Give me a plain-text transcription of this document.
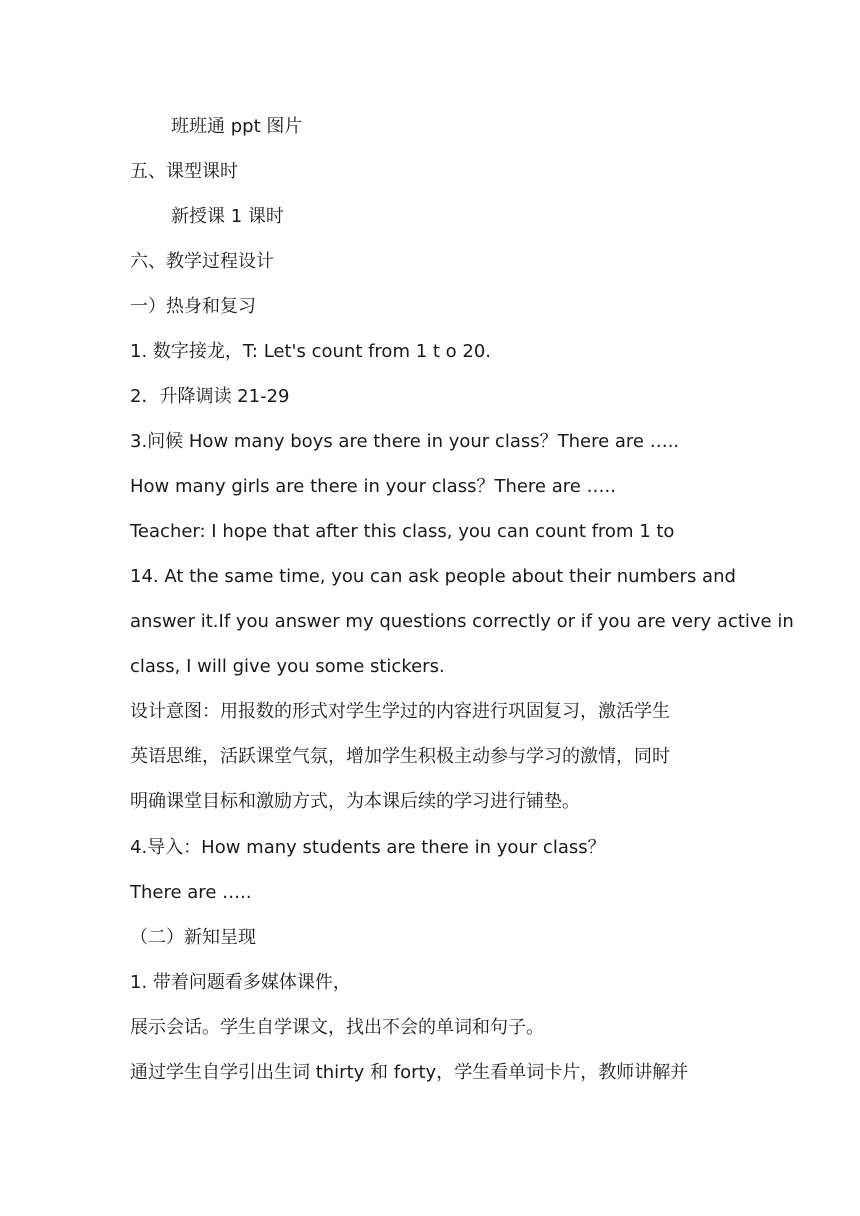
班班通 ppt 图片
五、课型课时
新授课 1 课时
六、教学过程设计
一）热身和复习
1. 数字接龙，T: Let's count from 1 t o 20.
2．升降调读 21-29
3.问候 How many boys are there in your class？There are …..
How many girls are there in your class？There are …..
Teacher: I hope that after this class, you can count from 1 to
14. At the same time, you can ask people about their numbers and
answer it.If you answer my questions correctly or if you are very active in
class, I will give you some stickers.
设计意图：用报数的形式对学生学过的内容进行巩固复习，激活学生
英语思维，活跃课堂气氛，增加学生积极主动参与学习的激情，同时
明确课堂目标和激励方式，为本课后续的学习进行铺垫。
4.导入：How many students are there in your class？
There are …..
（二）新知呈现
1. 带着问题看多媒体课件，
展示会话。学生自学课文，找出不会的单词和句子。
通过学生自学引出生词 thirty 和 forty，学生看单词卡片，教师讲解并
